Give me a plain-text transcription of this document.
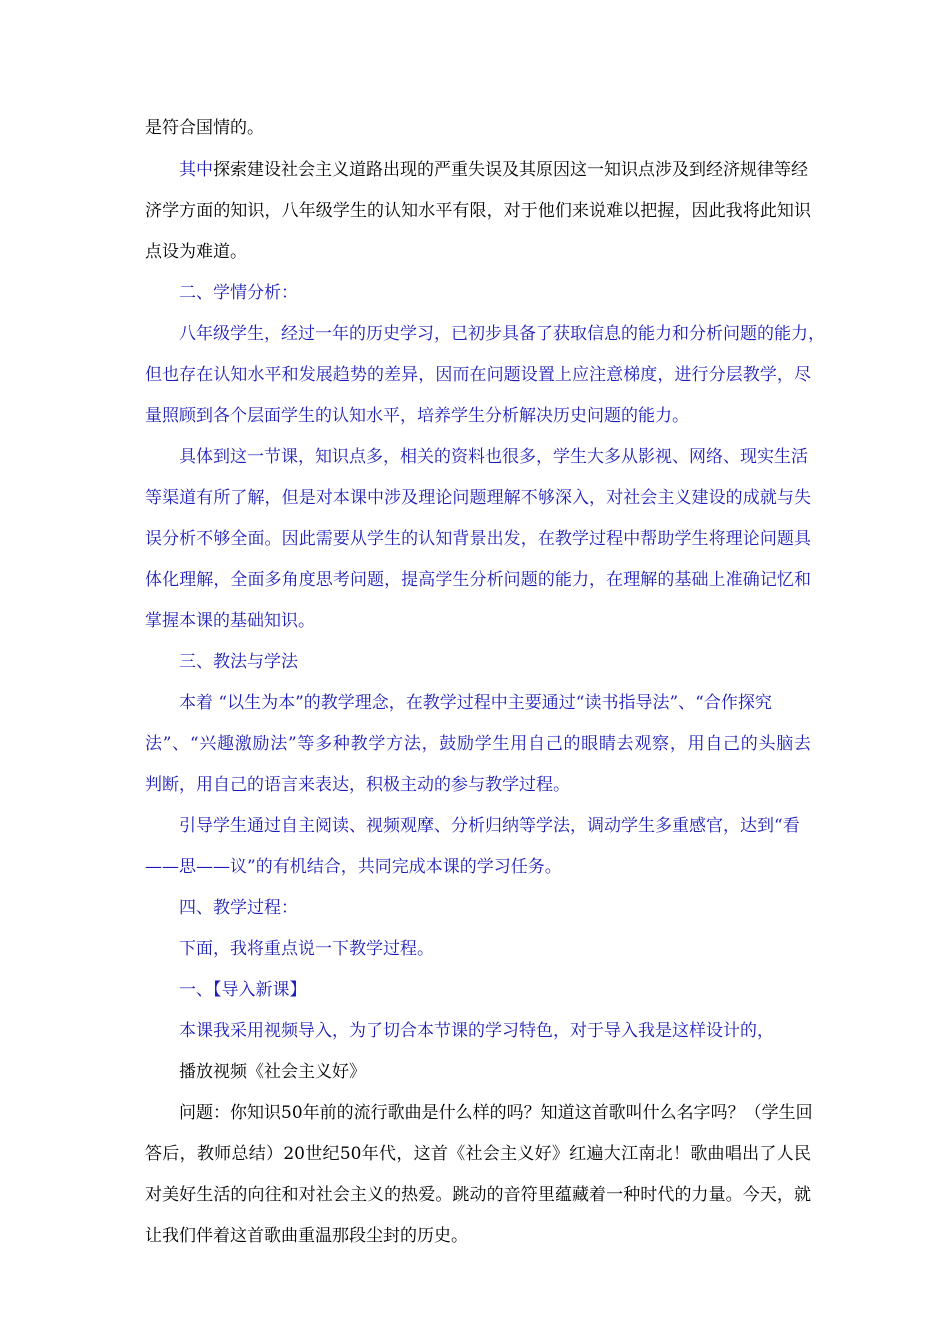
是符合国情的。
其中探索建设社会主义道路出现的严重失误及其原因这一知识点涉及到经济规律等经
济学方面的知识，八年级学生的认知水平有限，对于他们来说难以把握，因此我将此知识
点设为难道。
二、学情分析：
八年级学生，经过一年的历史学习，已初步具备了获取信息的能力和分析问题的能力，
但也存在认知水平和发展趋势的差异，因而在问题设置上应注意梯度，进行分层教学，尽
量照顾到各个层面学生的认知水平，培养学生分析解决历史问题的能力。
具体到这一节课，知识点多，相关的资料也很多，学生大多从影视、网络、现实生活
等渠道有所了解，但是对本课中涉及理论问题理解不够深入，对社会主义建设的成就与失
误分析不够全面。因此需要从学生的认知背景出发，在教学过程中帮助学生将理论问题具
体化理解，全面多角度思考问题，提高学生分析问题的能力，在理解的基础上准确记忆和
掌握本课的基础知识。
三、教法与学法
本着 “以生为本”的教学理念，在教学过程中主要通过“读书指导法”、“合作探究
法”、“兴趣激励法”等多种教学方法，鼓励学生用自己的眼睛去观察，用自己的头脑去
判断，用自己的语言来表达，积极主动的参与教学过程。
引导学生通过自主阅读、视频观摩、分析归纳等学法，调动学生多重感官，达到“看
——思——议”的有机结合，共同完成本课的学习任务。
四、教学过程：
下面，我将重点说一下教学过程。
一、【导入新课】
本课我采用视频导入，为了切合本节课的学习特色，对于导入我是这样设计的，
播放视频《社会主义好》
问题：你知识50年前的流行歌曲是什么样的吗？知道这首歌叫什么名字吗？（学生回
答后，教师总结）20世纪50年代，这首《社会主义好》红遍大江南北！歌曲唱出了人民
对美好生活的向往和对社会主义的热爱。跳动的音符里蕴藏着一种时代的力量。今天，就
让我们伴着这首歌曲重温那段尘封的历史。
